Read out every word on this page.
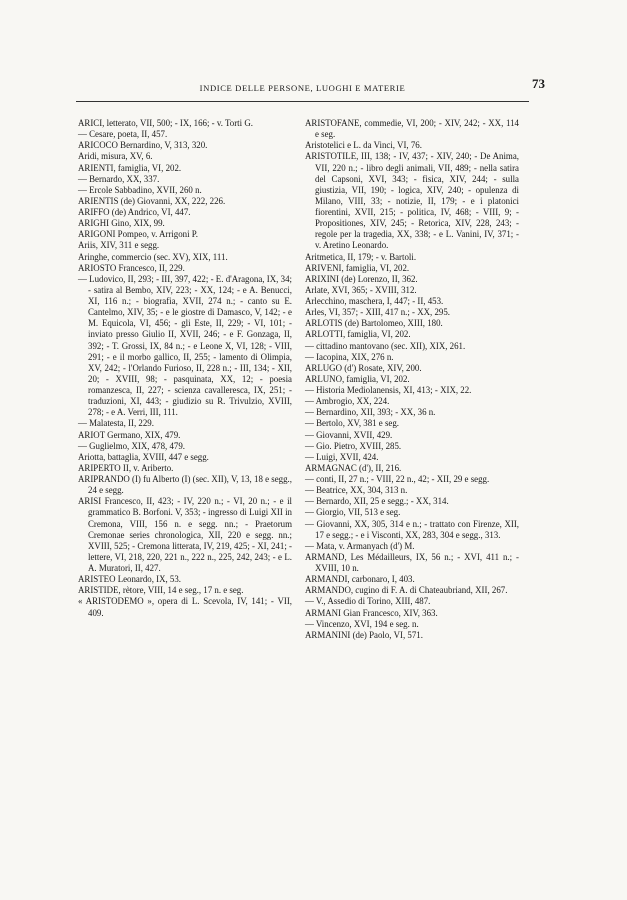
INDICE DELLE PERSONE, LUOGHI E MATERIE	73

ARICI, letterato, VII, 500; - IX, 166; - v. Torti G.

— Cesare, poeta, II, 457.

ARICOCO Bernardino, V, 313, 320.

Aridi, misura, XV, 6.

ARIENTI, famiglia, VI, 202.

— Bernardo, XX, 337.

— Ercole Sabbadino, XVII, 260 n.

ARIENTIS (de) Giovanni, XX, 222, 226.

ARIFFO (de) Andrico, VI, 447.

ARIGHI Gino, XIX, 99.

ARIGONI Pompeo, v. Arrigoni P.

Ariis, XIV, 311 e segg.

Aringhe, commercio (sec. XV), XIX, 111.

ARIOSTO Francesco, II, 229.

— Ludovico, II, 293; - III, 397, 422; - E. d'Aragona, IX, 34; - satira al Bembo, XIV, 223; - XX, 124; - e A. Benucci, XI, 116 n.; - biografia, XVII, 274 n.; - canto su E. Cantelmo, XIV, 35; - e le giostre di Damasco, V, 142; - e M. Equicola, VI, 456; - gli Este, II, 229; - VI, 101; - inviato presso Giulio II, XVII, 246; - e F. Gonzaga, II, 392; - T. Grossi, IX, 84 n.; - e Leone X, VI, 128; - VIII, 291; - e il morbo gallico, II, 255; - lamento di Olimpia, XV, 242; - l'Orlando Furioso, II, 228 n.; - III, 134; - XII, 20; - XVIII, 98; - pasquinata, XX, 12; - poesia romanzesca, II, 227; - scienza cavalleresca, IX, 251; - traduzioni, XI, 443; - giudizio su R. Trivulzio, XVIII, 278; - e A. Verri, III, 111.

— Malatesta, II, 229.

ARIOT Germano, XIX, 479.

— Guglielmo, XIX, 478, 479.

Ariotta, battaglia, XVIII, 447 e segg.

ARIPERTO II, v. Ariberto.

ARIPRANDO (I) fu Alberto (I) (sec. XII), V, 13, 18 e segg., 24 e segg.

ARISI Francesco, II, 423; - IV, 220 n.; - VI, 20 n.; - e il grammatico B. Borfoni. V, 353; - ingresso di Luigi XII in Cremona, VIII, 156 n. e segg. nn.; - Praetorum Cremonae series chronologica, XII, 220 e segg. nn.; XVIII, 525; - Cremona litterata, IV, 219, 425; - XI, 241; - lettere, VI, 218, 220, 221 n., 222 n., 225, 242, 243; - e L. A. Muratori, II, 427.

ARISTEO Leonardo, IX, 53.

ARISTIDE, rètore, VIII, 14 e seg., 17 n. e seg.

« ARISTODEMO », opera di L. Scevola, IV, 141; - VII, 409.

ARISTOFANE, commedie, VI, 200; - XIV, 242; - XX, 114 e seg.

Aristotelici e L. da Vinci, VI, 76.

ARISTOTILE, III, 138; - IV, 437; - XIV, 240; - De Anima, VII, 220 n.; - libro degli animali, VII, 489; - nella satira del Capsoni, XVI, 343; - fisica, XIV, 244; - sulla giustizia, VII, 190; - logica, XIV, 240; - opulenza di Milano, VIII, 33; - notizie, II, 179; - e i platonici fiorentini, XVII, 215; - politica, IV, 468; - VIII, 9; - Propositiones, XIV, 245; - Retorica, XIV, 228, 243; - regole per la tragedia, XX, 338; - e L. Vanini, IV, 371; - v. Aretino Leonardo.

Aritmetica, II, 179; - v. Bartoli.

ARIVENI, famiglia, VI, 202.

ARIXINI (de) Lorenzo, II, 362.

Arlate, XVI, 365; - XVIII, 312.

Arlecchino, maschera, I, 447; - II, 453.

Arles, VI, 357; - XIII, 417 n.; - XX, 295.

ARLOTIS (de) Bartolomeo, XIII, 180.

ARLOTTI, famiglia, VI, 202.

— cittadino mantovano (sec. XII), XIX, 261.

— Iacopina, XIX, 276 n.

ARLUGO (d') Rosate, XIV, 200.

ARLUNO, famiglia, VI, 202.

— Historia Mediolanensis, XI, 413; - XIX, 22.

— Ambrogio, XX, 224.

— Bernardino, XII, 393; - XX, 36 n.

— Bertolo, XV, 381 e seg.

— Giovanni, XVII, 429.

— Gio. Pietro, XVIII, 285.

— Luigi, XVII, 424.

ARMAGNAC (d'), II, 216.

— conti, II, 27 n.; - VIII, 22 n., 42; - XII, 29 e segg.

— Beatrice, XX, 304, 313 n.

— Bernardo, XII, 25 e segg.; - XX, 314.

— Giorgio, VII, 513 e seg.

— Giovanni, XX, 305, 314 e n.; - trattato con Firenze, XII, 17 e segg.; - e i Visconti, XX, 283, 304 e segg., 313.

— Mata, v. Armanyach (d') M.

ARMAND, Les Médailleurs, IX, 56 n.; - XVI, 411 n.; - XVIII, 10 n.

ARMANDI, carbonaro, I, 403.

ARMANDO, cugino di F. A. di Chateaubriand, XII, 267.

— V., Assedio di Torino, XIII, 487.

ARMANI Gian Francesco, XIV, 363.

— Vincenzo, XVI, 194 e seg. n.

ARMANINI (de) Paolo, VI, 571.
